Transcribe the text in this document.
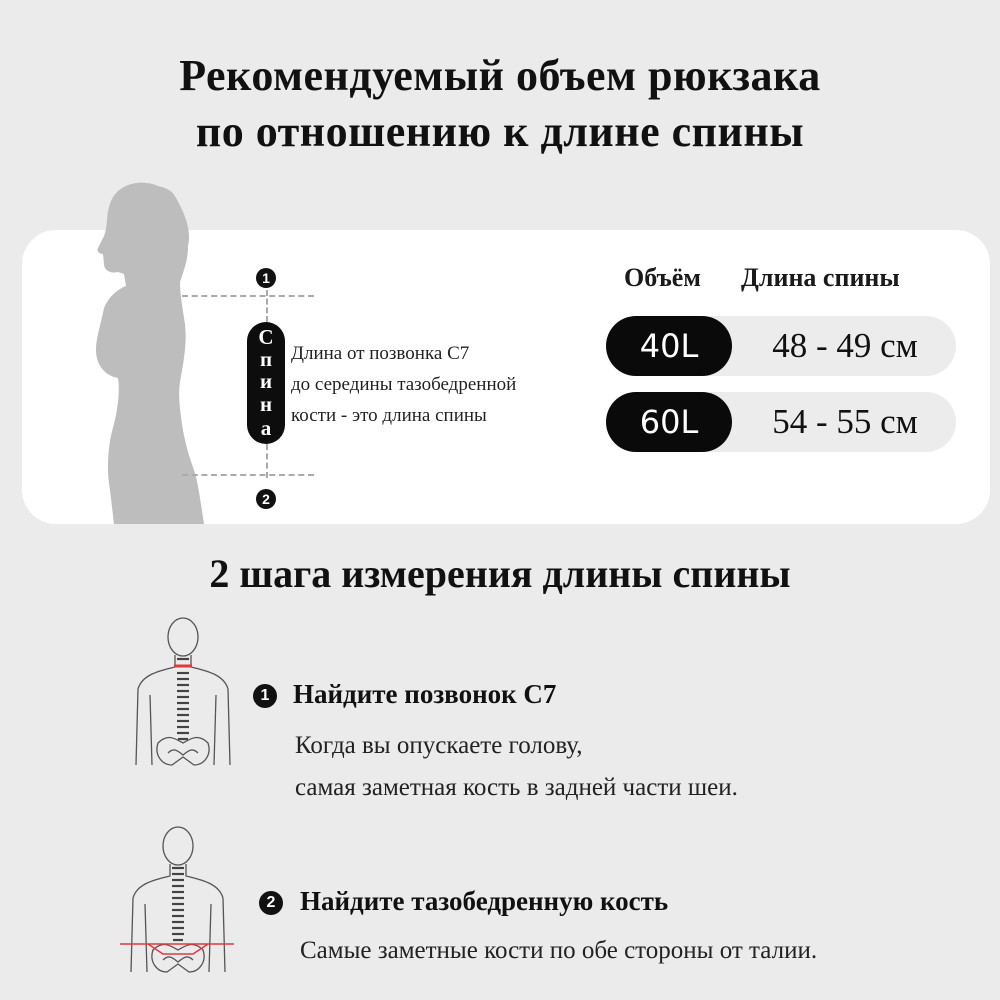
Рекомендуемый объем рюкзака
по отношению к длине спины
1
2
С
п
и
н
а
Длина от позвонка С7
до середины тазобедренной
кости - это длина спины
Объём Длина спины
40L	48 - 49 см
60L	54 - 55 см
2 шага измерения длины спины
1 Найдите позвонок С7
Когда вы опускаете голову,
самая заметная кость в задней части шеи.
2 Найдите тазобедренную кость
Самые заметные кости по обе стороны от талии.
